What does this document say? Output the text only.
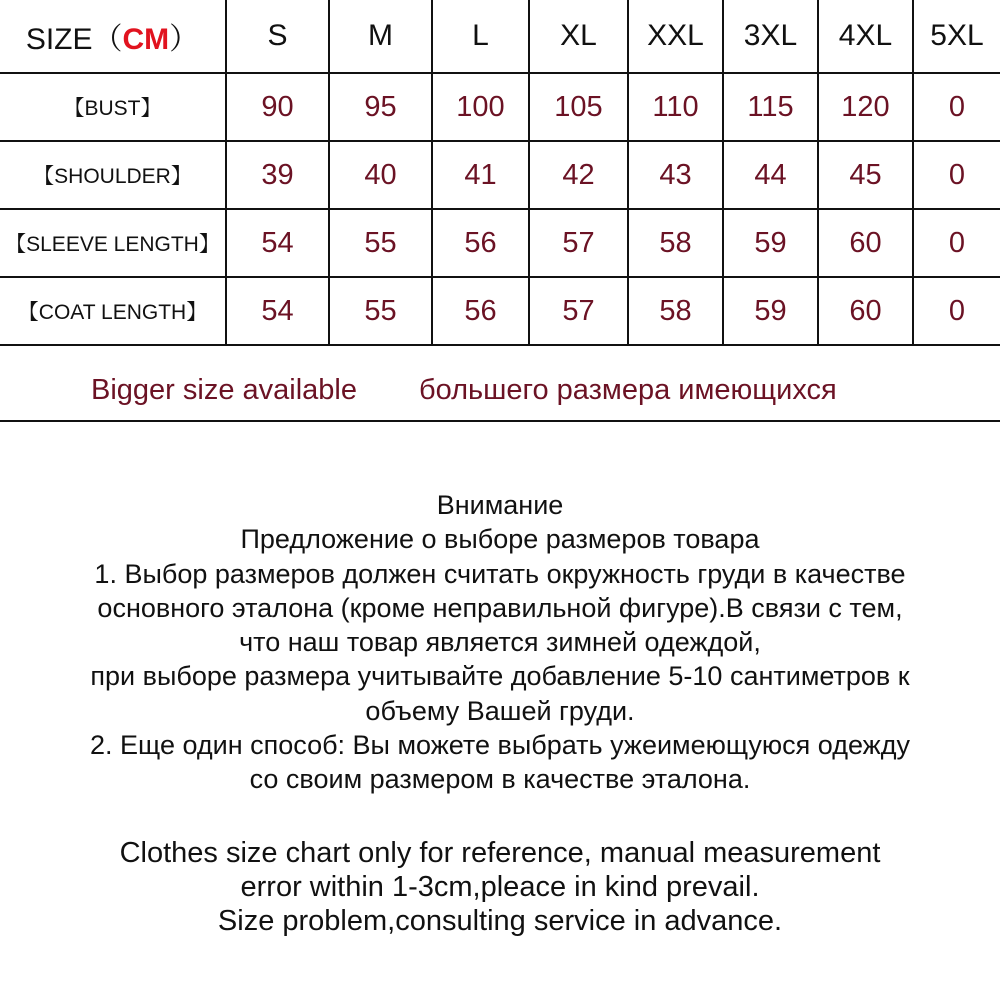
SIZE（CM）	S	M	L	XL	XXL	3XL	4XL	5XL
【BUST】	90	95	100	105	110	115	120	0
【SHOULDER】	39	40	41	42	43	44	45	0
【SLEEVE LENGTH】	54	55	56	57	58	59	60	0
【COAT LENGTH】	54	55	56	57	58	59	60	0
Bigger size available большего размера имеющихся
Внимание
Предложение о выборе размеров товара
1. Выбор размеров должен считать окружность груди в качестве
основного эталона (кроме неправильной фигуре).В связи с тем,
что наш товар является зимней одеждой,
при выборе размера учитывайте добавление 5-10 сантиметров к
объему Вашей груди.
2. Еще один способ: Вы можете выбрать ужеимеющуюся одежду
со своим размером в качестве эталона.
Clothes size chart only for reference, manual measurement
error within 1-3cm,pleace in kind prevail.
Size problem,consulting service in advance.
